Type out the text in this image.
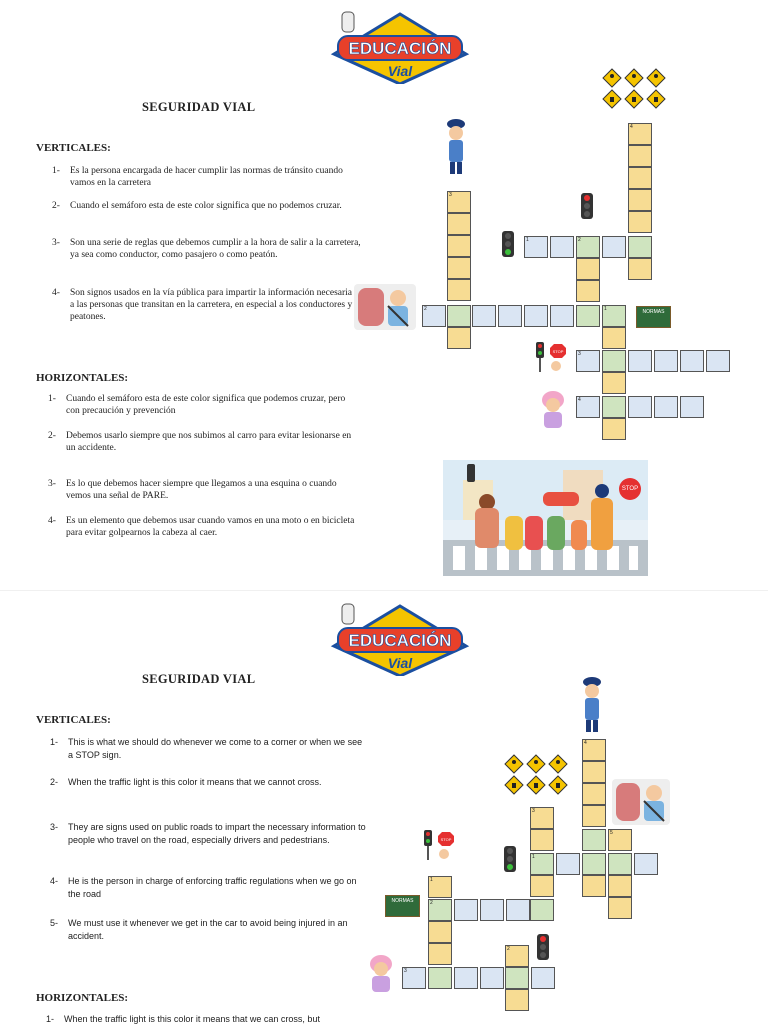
EDUCACIÓN
Vial
SEGURIDAD VIAL
VERTICALES:
1-	Es la persona encargada de hacer cumplir las normas de tránsito cuando vamos en la carretera
2-	Cuando el semáforo esta de este color significa que no podemos cruzar.
3-	Son una serie de reglas que debemos cumplir a la hora de salir a la carretera, ya sea como conductor, como pasajero o como peatón.
4-	Son signos usados en la vía pública para impartir la información necesaria a las personas que transitan en la carretera, en especial a los conductores y peatones.
HORIZONTALES:
1-	Cuando el semáforo esta de este color significa que podemos cruzar, pero con precaución y prevención
2-	Debemos usarlo siempre que nos subimos al carro para evitar lesionarse en un accidente.
3-	Es lo que debemos hacer siempre que llegamos a una esquina o cuando vemos una señal de PARE.
4-	Es un elemento que debemos usar cuando vamos en una moto o en bicicleta para evitar golpearnos la cabeza al caer.
3
4
1	2
2	1
3
4
NORMAS
STOP
STOP
EDUCACIÓN
Vial
SEGURIDAD VIAL
VERTICALES:
1-	This is what we should do whenever we come to a corner or when we see a STOP sign.
2-	When the traffic light is this color it means that we cannot cross.
3-	They are signs used on public roads to impart the necessary information to people who travel on the road, especially drivers and pedestrians.
4-	He is the person in charge of enforcing traffic regulations when we go on the road
5-	We must use it whenever we get in the car to avoid being injured in an accident.
HORIZONTALES:
1-	When the traffic light is this color it means that we can cross, but
4
3
1
5
1
2
2
3
STOP
NORMAS
